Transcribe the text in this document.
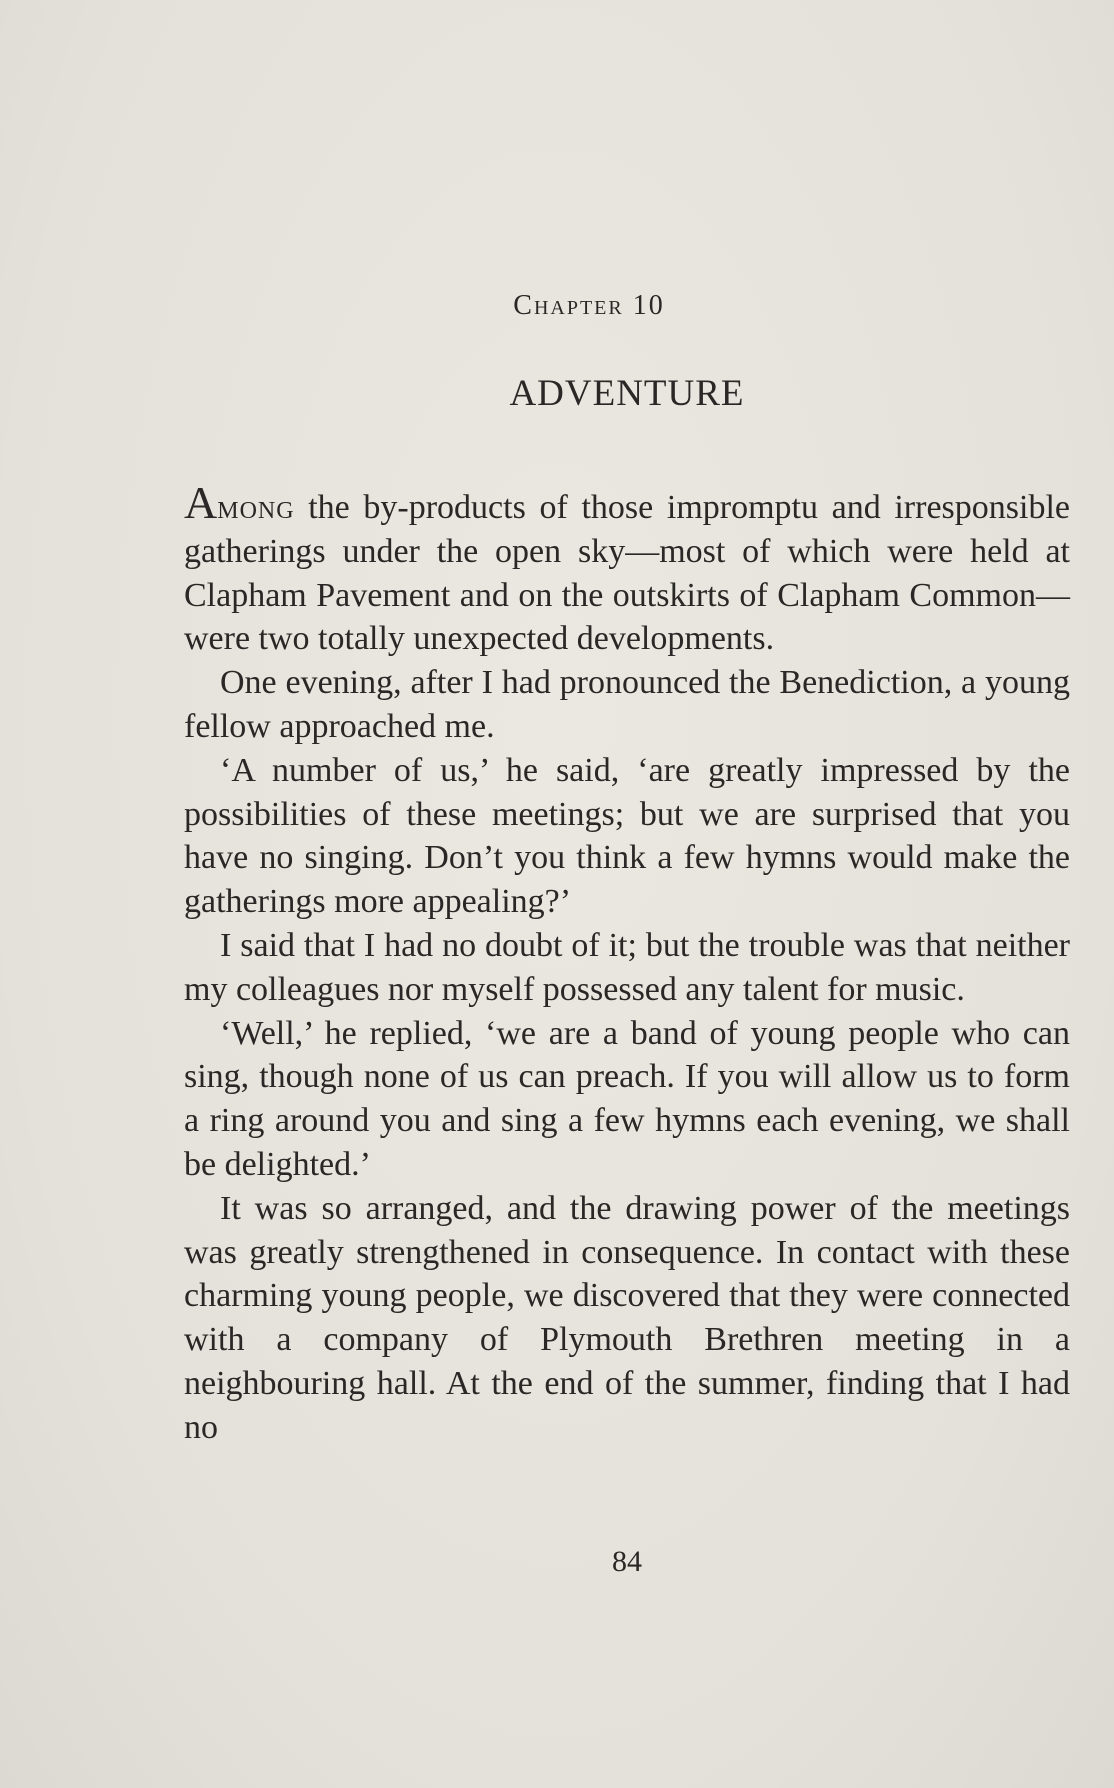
Chapter 10
ADVENTURE

Among the by-products of those impromptu and irresponsible gatherings under the open sky—most of which were held at Clapham Pavement and on the outskirts of Clapham Common—were two totally unexpected developments.

One evening, after I had pronounced the Benediction, a young fellow approached me.

‘A number of us,’ he said, ‘are greatly impressed by the possibilities of these meetings; but we are surprised that you have no singing. Don’t you think a few hymns would make the gatherings more appealing?’

I said that I had no doubt of it; but the trouble was that neither my colleagues nor myself possessed any talent for music.

‘Well,’ he replied, ‘we are a band of young people who can sing, though none of us can preach. If you will allow us to form a ring around you and sing a few hymns each evening, we shall be delighted.’

It was so arranged, and the drawing power of the meetings was greatly strengthened in consequence. In contact with these charming young people, we discovered that they were connected with a company of Plymouth Brethren meeting in a neighbouring hall. At the end of the summer, finding that I had no

84
